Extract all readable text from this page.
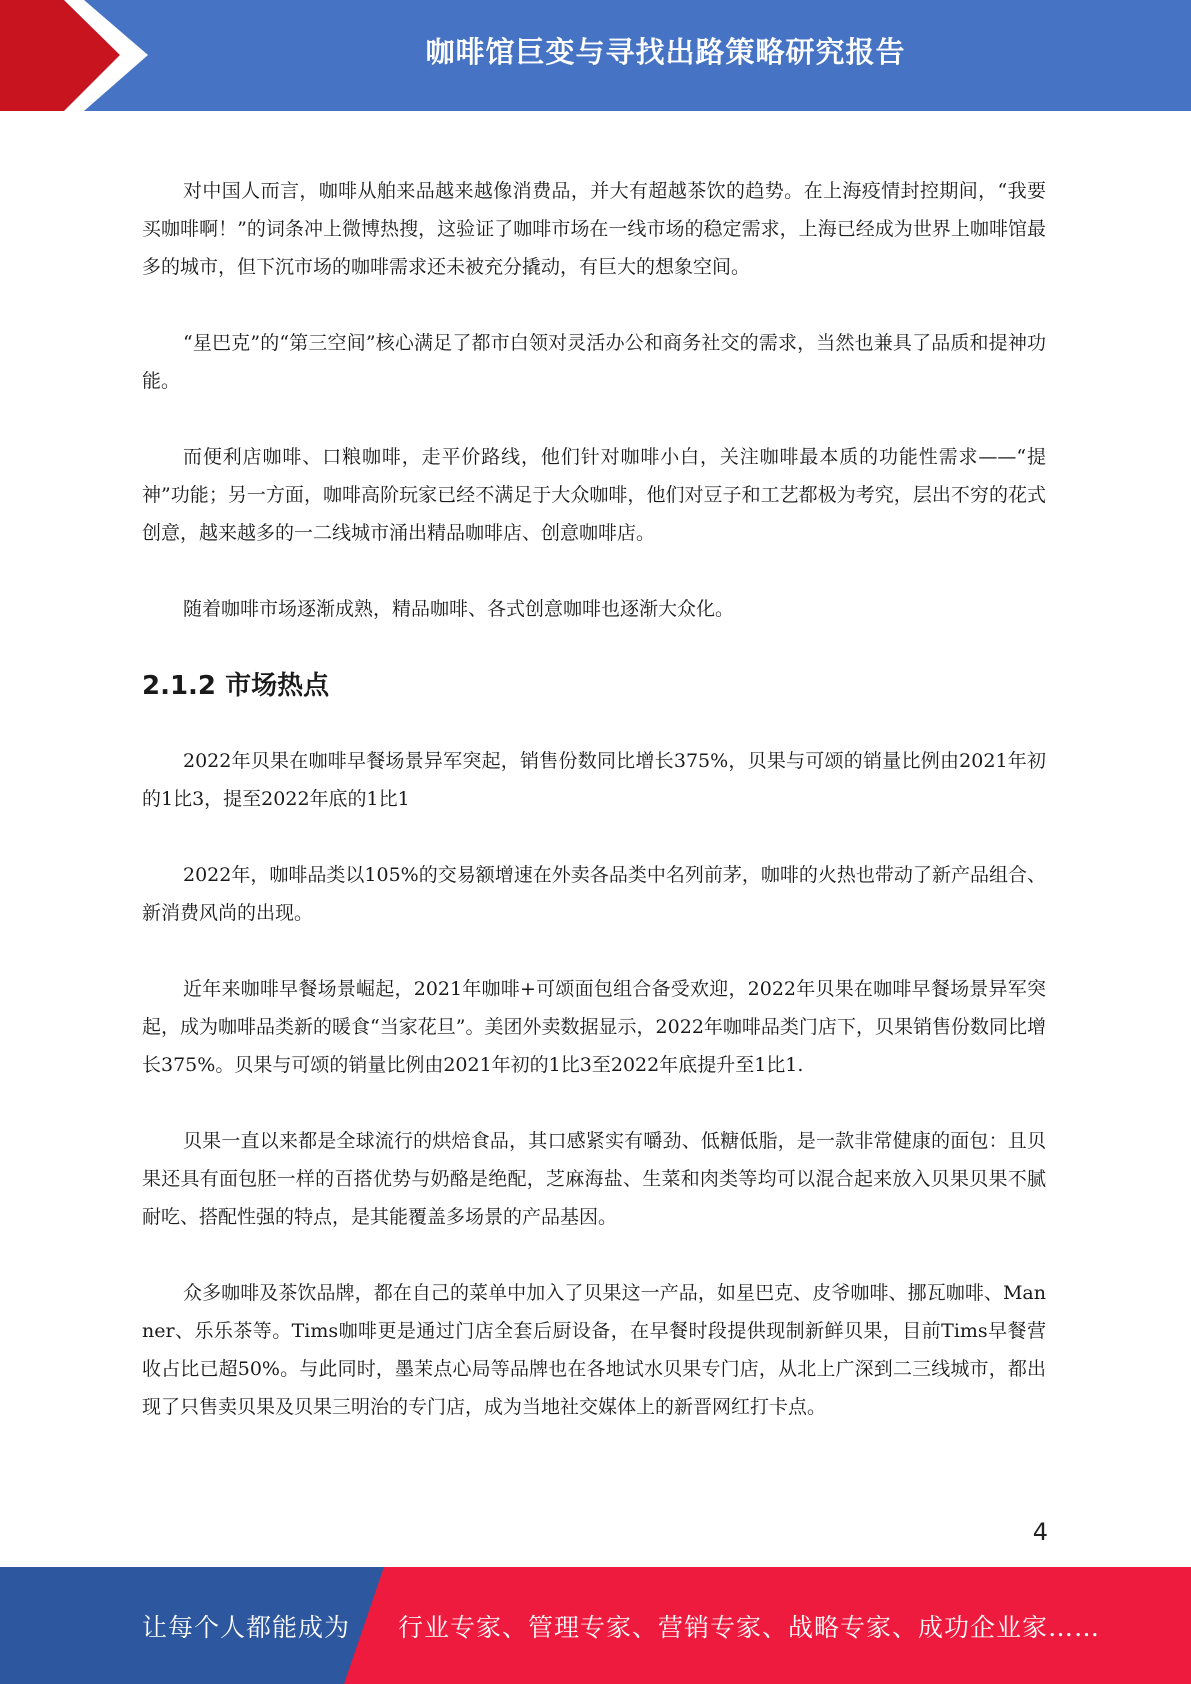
咖啡馆巨变与寻找出路策略研究报告

对中国人而言，咖啡从舶来品越来越像消费品，并大有超越茶饮的趋势。在上海疫情封控期间，“我要买咖啡啊！”的词条冲上微博热搜，这验证了咖啡市场在一线市场的稳定需求，上海已经成为世界上咖啡馆最多的城市，但下沉市场的咖啡需求还未被充分撬动，有巨大的想象空间。

“星巴克”的“第三空间”核心满足了都市白领对灵活办公和商务社交的需求，当然也兼具了品质和提神功能。

而便利店咖啡、口粮咖啡，走平价路线，他们针对咖啡小白，关注咖啡最本质的功能性需求——“提神”功能；另一方面，咖啡高阶玩家已经不满足于大众咖啡，他们对豆子和工艺都极为考究，层出不穷的花式创意，越来越多的一二线城市涌出精品咖啡店、创意咖啡店。

随着咖啡市场逐渐成熟，精品咖啡、各式创意咖啡也逐渐大众化。

2.1.2 市场热点

2022年贝果在咖啡早餐场景异军突起，销售份数同比增长375%，贝果与可颂的销量比例由2021年初的1比3，提至2022年底的1比1

2022年，咖啡品类以105%的交易额增速在外卖各品类中名列前茅，咖啡的火热也带动了新产品组合、新消费风尚的出现。

近年来咖啡早餐场景崛起，2021年咖啡+可颂面包组合备受欢迎，2022年贝果在咖啡早餐场景异军突起，成为咖啡品类新的暖食“当家花旦”。美团外卖数据显示，2022年咖啡品类门店下，贝果销售份数同比增长375%。贝果与可颂的销量比例由2021年初的1比3至2022年底提升至1比1.

贝果一直以来都是全球流行的烘焙食品，其口感紧实有嚼劲、低糖低脂，是一款非常健康的面包：且贝果还具有面包胚一样的百搭优势与奶酪是绝配，芝麻海盐、生菜和肉类等均可以混合起来放入贝果贝果不腻耐吃、搭配性强的特点，是其能覆盖多场景的产品基因。

众多咖啡及茶饮品牌，都在自己的菜单中加入了贝果这一产品，如星巴克、皮爷咖啡、挪瓦咖啡、Manner、乐乐茶等。Tims咖啡更是通过门店全套后厨设备，在早餐时段提供现制新鲜贝果，目前Tims早餐营收占比已超50%。与此同时，墨茉点心局等品牌也在各地试水贝果专门店，从北上广深到二三线城市，都出现了只售卖贝果及贝果三明治的专门店，成为当地社交媒体上的新晋网红打卡点。

4
让每个人都能成为 行业专家、管理专家、营销专家、战略专家、成功企业家……
